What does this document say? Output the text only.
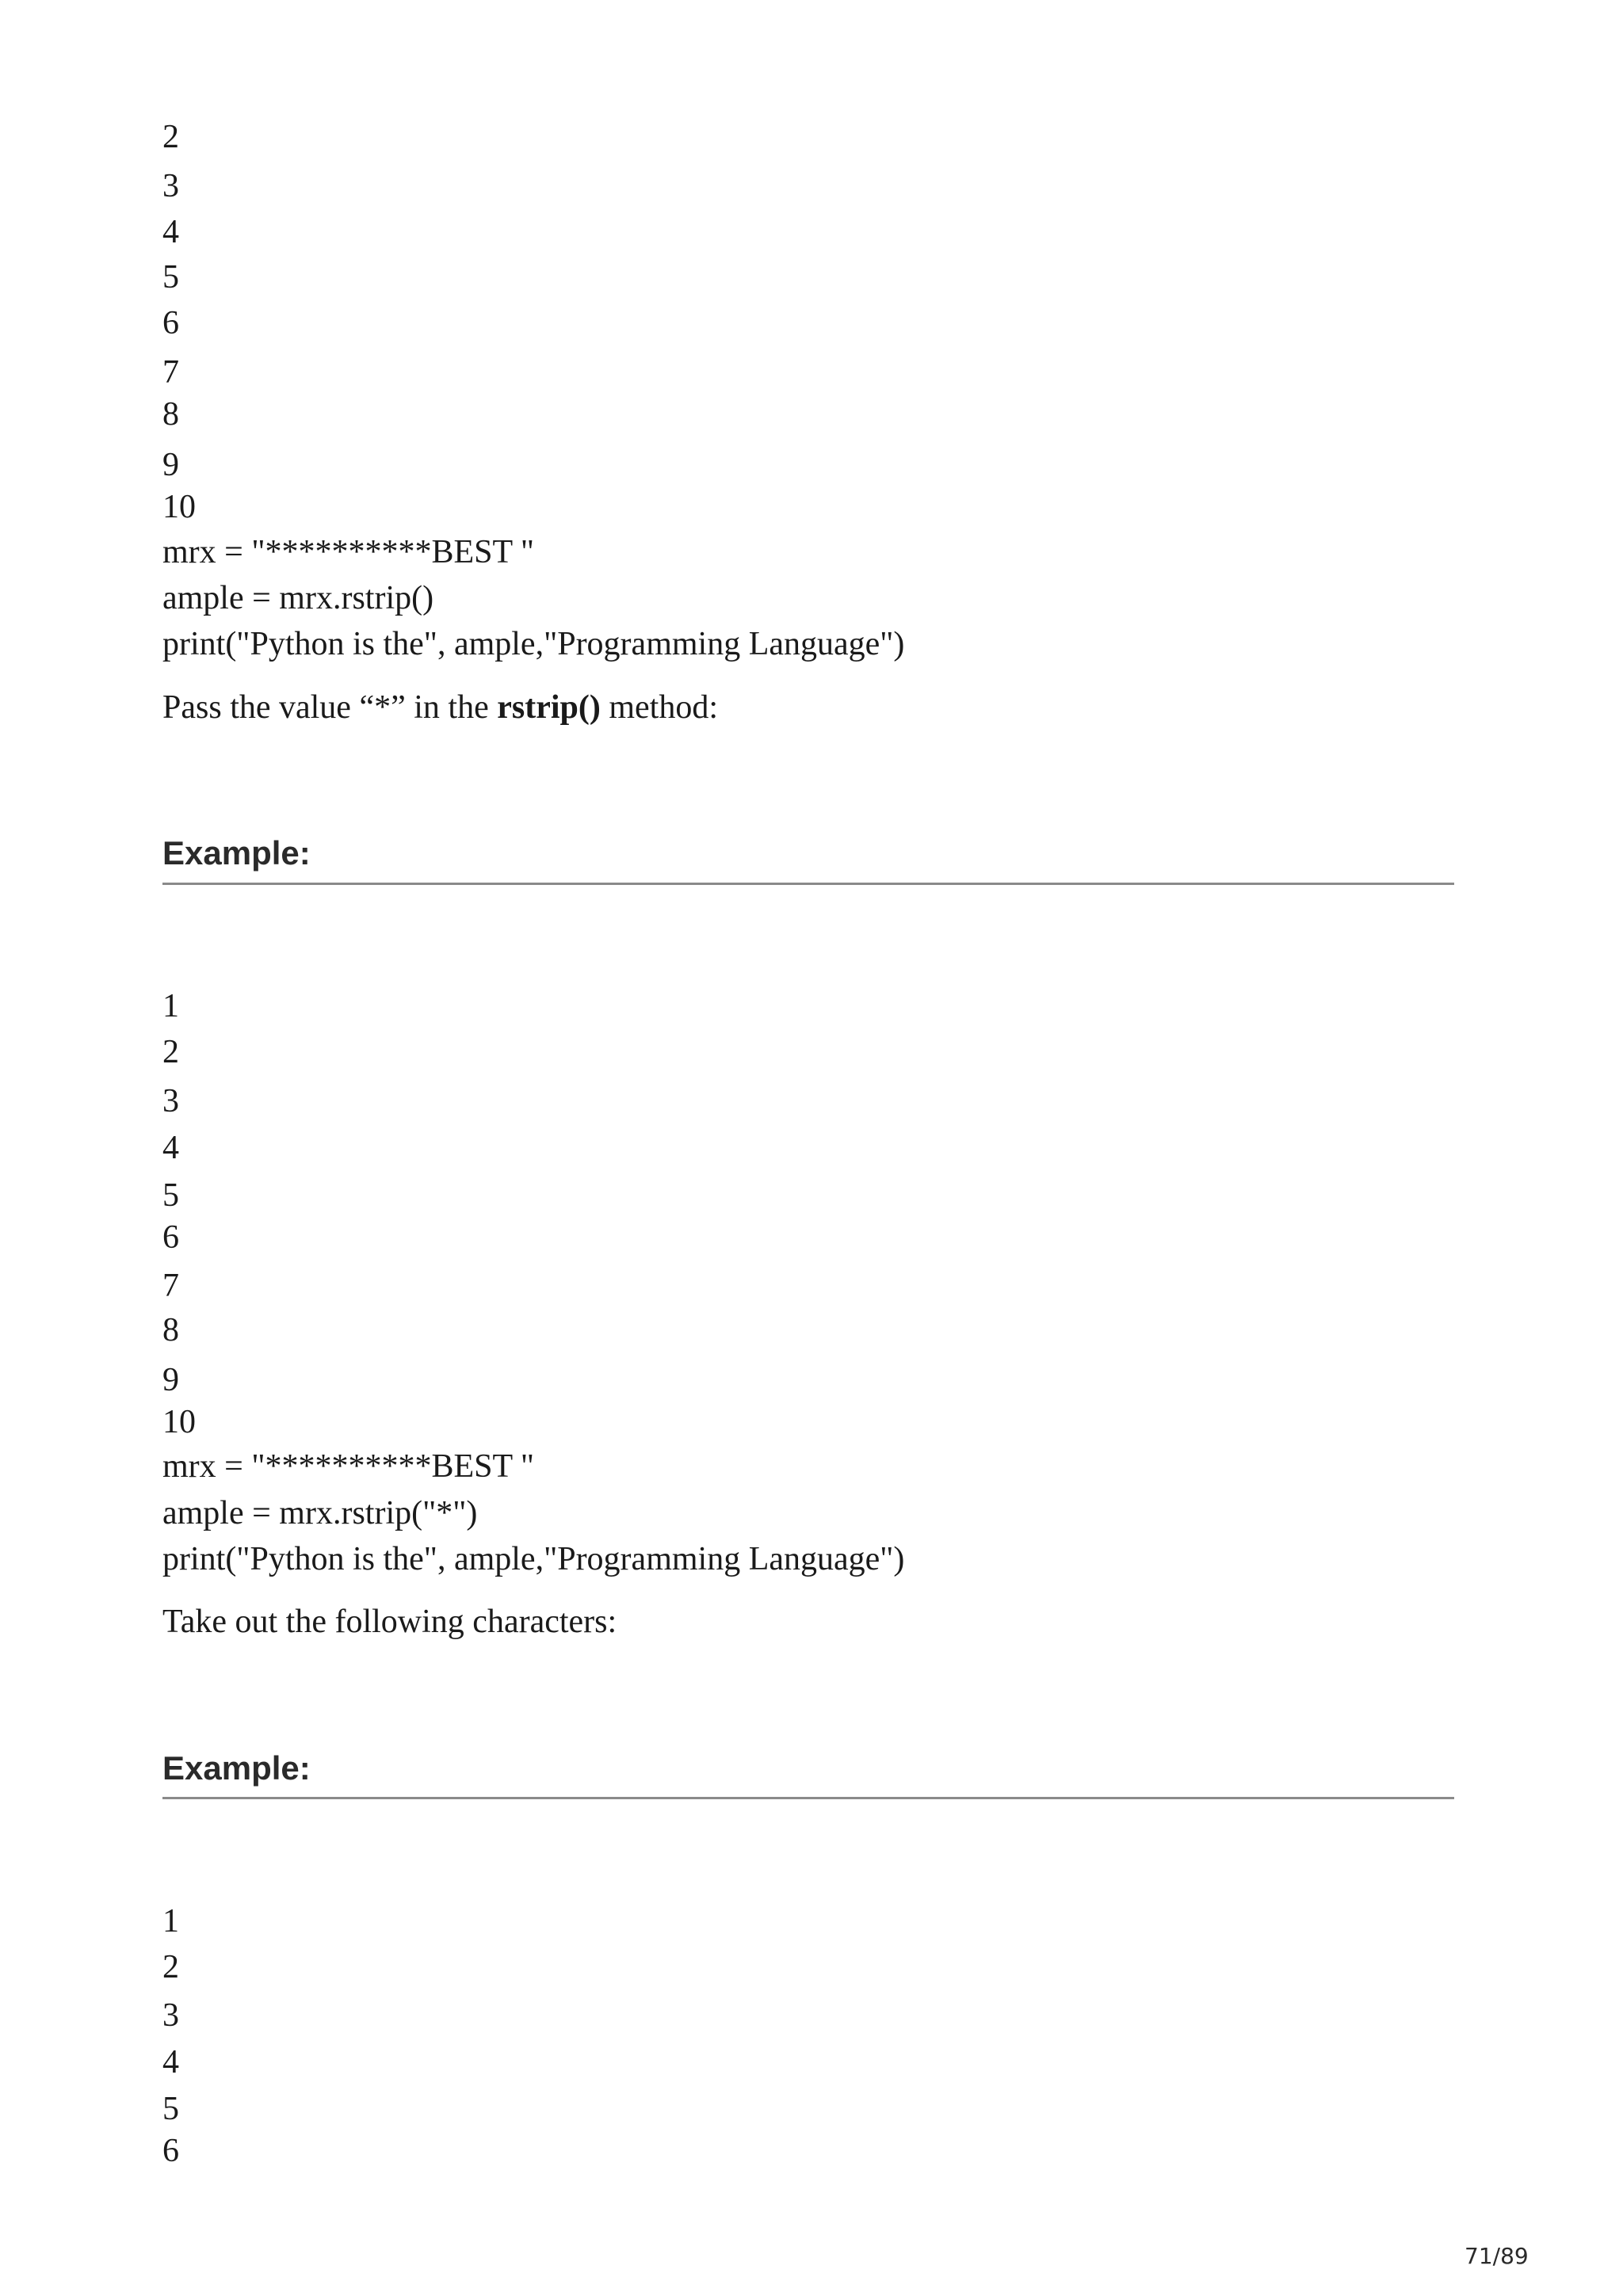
2
3
4
5
6
7
8
9
10
mrx = "**********BEST "
ample = mrx.rstrip()
print("Python is the", ample,"Programming Language")
Pass the value “*” in the rstrip() method:
Example:
1
2
3
4
5
6
7
8
9
10
mrx = "**********BEST "
ample = mrx.rstrip("*")
print("Python is the", ample,"Programming Language")
Take out the following characters:
Example:
1
2
3
4
5
6
71/89
